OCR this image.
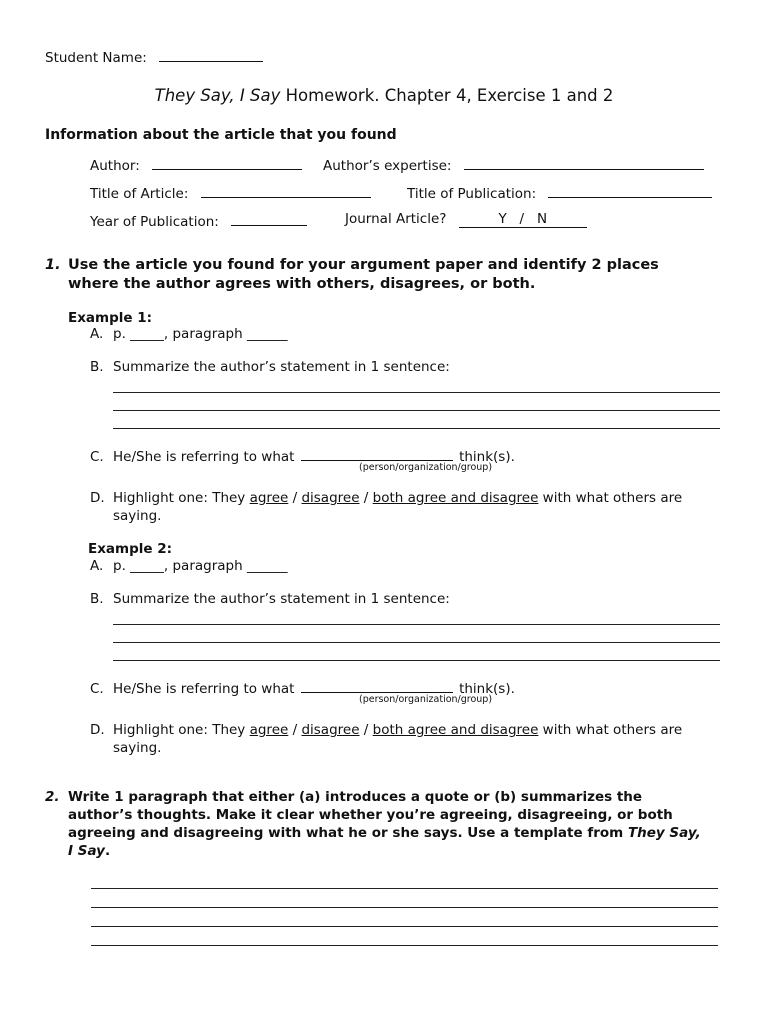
Student Name:
They Say, I Say Homework. Chapter 4, Exercise 1 and 2
Information about the article that you found
Author:	Author’s expertise:
Title of Article:	Title of Publication:
Year of Publication:	Journal Article?	Y   /   N
1. Use the article you found for your argument paper and identify 2 places
where the author agrees with others, disagrees, or both.
Example 1:
A. p. _____, paragraph ______
B. Summarize the author’s statement in 1 sentence:
C. He/She is referring to what	think(s).
(person/organization/group)
D. Highlight one: They agree / disagree / both agree and disagree with what others are
saying.
Example 2:
A. p. _____, paragraph ______
B. Summarize the author’s statement in 1 sentence:
C. He/She is referring to what	think(s).
(person/organization/group)
D. Highlight one: They agree / disagree / both agree and disagree with what others are
saying.
2. Write 1 paragraph that either (a) introduces a quote or (b) summarizes the
author’s thoughts. Make it clear whether you’re agreeing, disagreeing, or both
agreeing and disagreeing with what he or she says. Use a template from They Say,
I Say.
